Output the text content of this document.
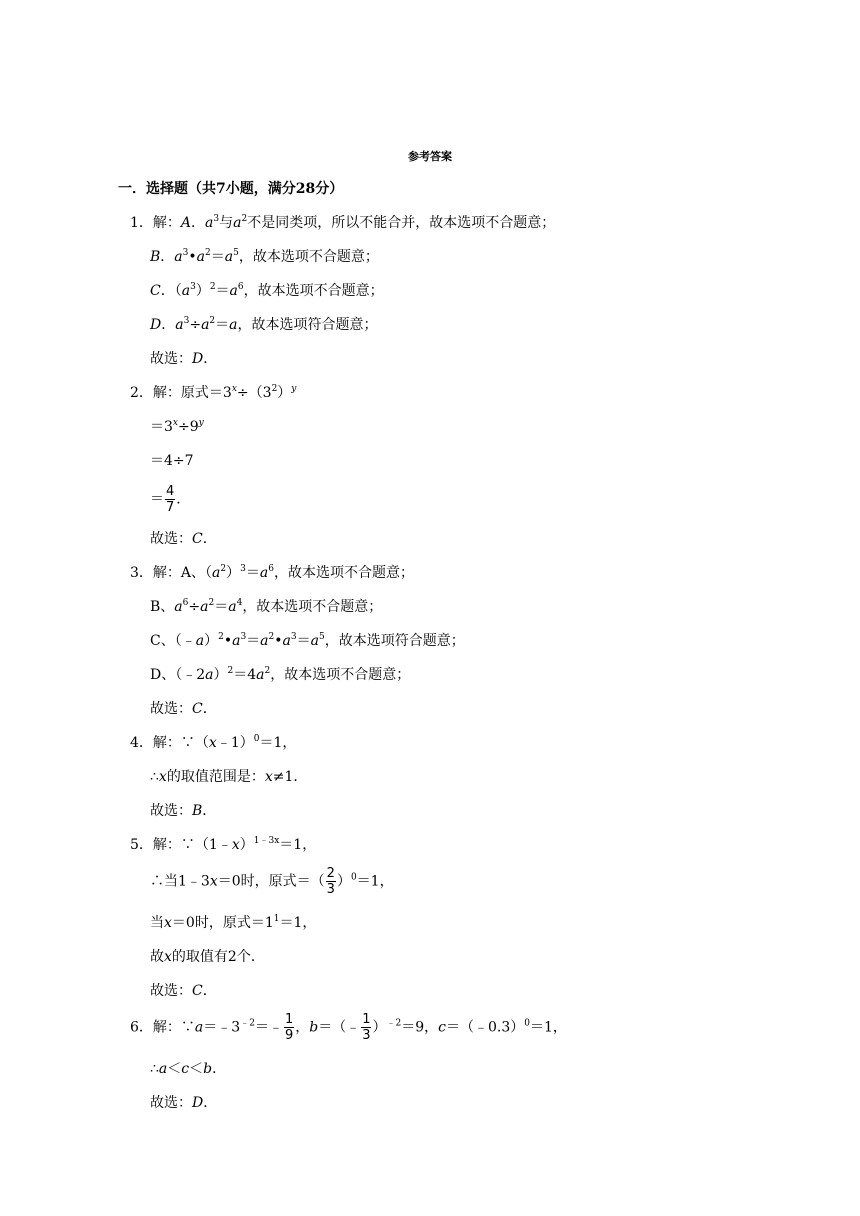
参考答案
一．选择题（共7小题，满分28分）
1．解：A．$a^3$与$a^2$不是同类项，所以不能合并，故本选项不合题意；
B．$a^3•a^2=a^5$，故本选项不合题意；
C．$(a^3)^2=a^6$，故本选项不合题意；
D．$a^3\div a^2=a$，故本选项符合题意；
故选：D．
2．解：原式$=3^x\div(3^2)^y$
$=3^x\div 9^y$
＝4÷7
＝ $\frac{4}{7}$ ．
故选：C．
3．解：A、$(a^2)^3=a^6$，故本选项不合题意；
B、$a^6\div a^2=a^4$，故本选项不合题意；
C、$(﹣a)^2•a^3=a^2•a^3=a^5$，故本选项符合题意；
D、$(﹣2a)^2=4a^2$，故本选项不合题意；
故选：C．
4．解：∵（x﹣1）$^0$＝1，
∴x的取值范围是：x≠1．
故选：B．
5．解：∵（1﹣x）$^{1﹣3x}$＝1，
∴当1﹣3x＝0时，原式＝（ $\frac{2}{3} )^0=1$，
当x＝0时，原式$=1^1=1$，
故x的取值有2个．
故选：C．
6．解：$\because a=﹣3^{﹣2}=﹣ \frac{1}{9}$ ，b＝（﹣ $\frac{1}{3} )^{﹣2}=9$，c＝（﹣0.3）$^0$＝1，
∴a＜c＜b．
故选：D．
